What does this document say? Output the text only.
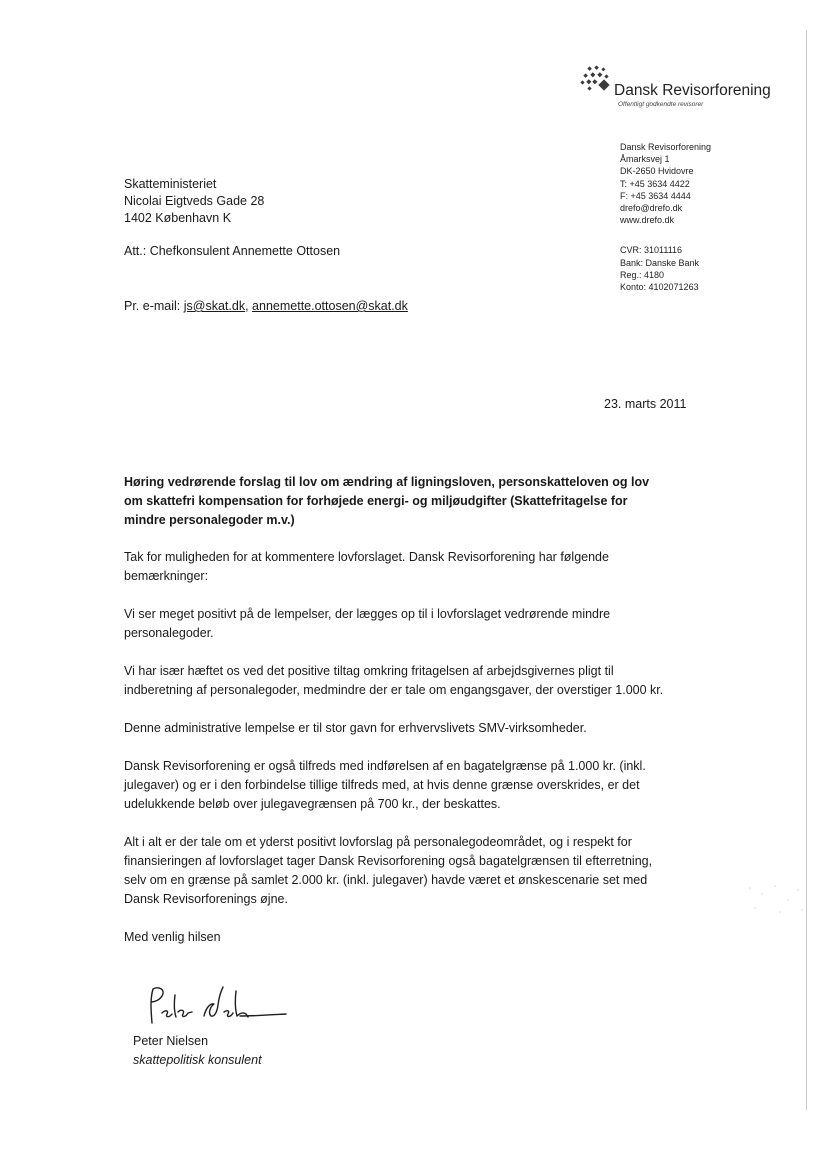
Dansk Revisorforening
Offentligt godkendte revisorer
Dansk Revisorforening
Åmarksvej 1
DK-2650 Hvidovre
T: +45 3634 4422
F: +45 3634 4444
drefo@drefo.dk
www.drefo.dk
CVR: 31011116
Bank: Danske Bank
Reg.: 4180
Konto: 4102071263
Skatteministeriet
Nicolai Eigtveds Gade 28
1402 København K
Att.: Chefkonsulent Annemette Ottosen
Pr. e-mail: js@skat.dk, annemette.ottosen@skat.dk
23. marts 2011

Høring vedrørende forslag til lov om ændring af ligningsloven, personskatteloven og lov om skattefri kompensation for forhøjede energi- og miljøudgifter (Skattefritagelse for mindre personalegoder m.v.)

Tak for muligheden for at kommentere lovforslaget. Dansk Revisorforening har følgende bemærkninger:

Vi ser meget positivt på de lempelser, der lægges op til i lovforslaget vedrørende mindre personalegoder.

Vi har især hæftet os ved det positive tiltag omkring fritagelsen af arbejdsgivernes pligt til indberetning af personalegoder, medmindre der er tale om engangsgaver, der overstiger 1.000 kr.

Denne administrative lempelse er til stor gavn for erhvervslivets SMV-virksomheder.

Dansk Revisorforening er også tilfreds med indførelsen af en bagatelgrænse på 1.000 kr. (inkl. julegaver) og er i den forbindelse tillige tilfreds med, at hvis denne grænse overskrides, er det udelukkende beløb over julegavegrænsen på 700 kr., der beskattes.

Alt i alt er der tale om et yderst positivt lovforslag på personalegodeområdet, og i respekt for finansieringen af lovforslaget tager Dansk Revisorforening også bagatelgrænsen til efterretning, selv om en grænse på samlet 2.000 kr. (inkl. julegaver) havde været et ønskescenarie set med Dansk Revisorforenings øjne.

Med venlig hilsen

Peter Nielsen
skattepolitisk konsulent
